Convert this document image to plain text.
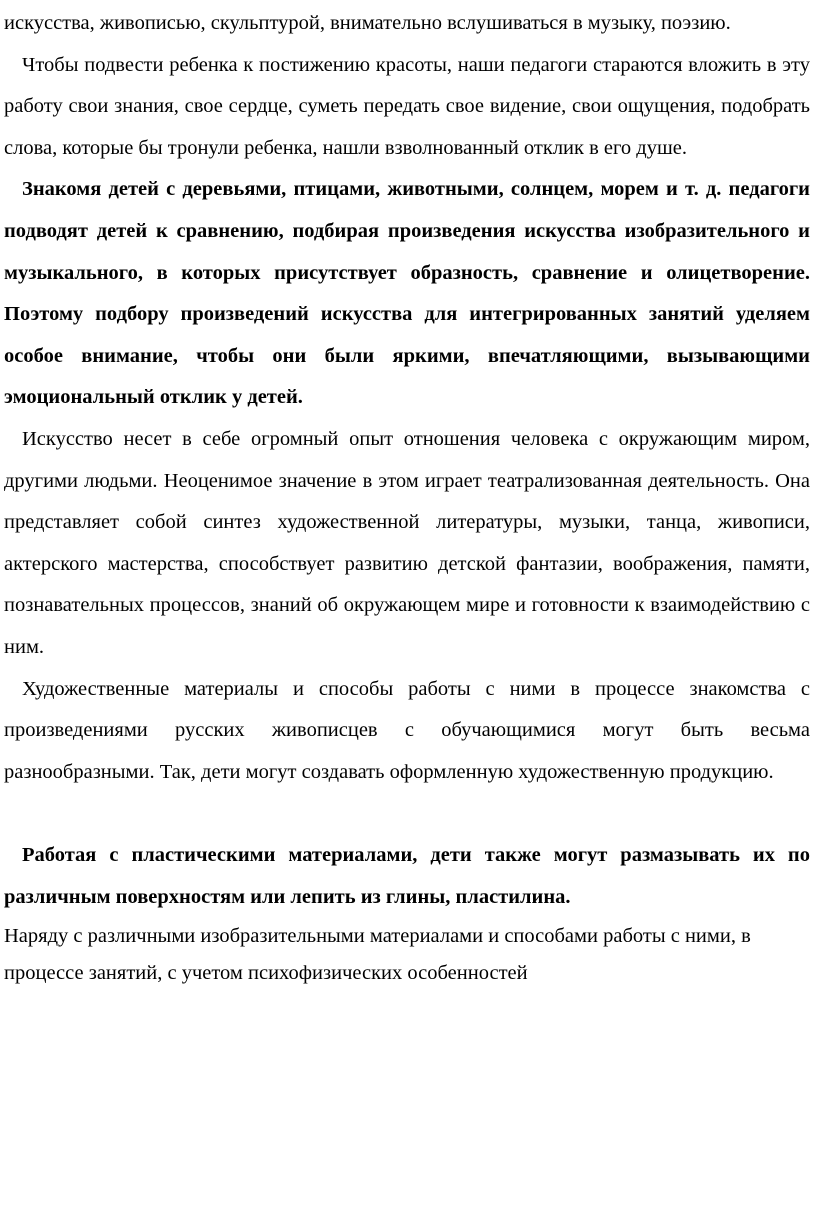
искусства, живописью, скульптурой, внимательно вслушиваться в музыку, поэзию.

Чтобы подвести ребенка к постижению красоты, наши педагоги стараются вложить в эту работу свои знания, свое сердце, суметь передать свое видение, свои ощущения, подобрать слова, которые бы тронули ребенка, нашли взволнованный отклик в его душе.

Знакомя детей с деревьями, птицами, животными, солнцем, морем и т. д. педагоги подводят детей к сравнению, подбирая произведения искусства изобразительного и музыкального, в которых присутствует образность, сравнение и олицетворение. Поэтому подбору произведений искусства для интегрированных занятий уделяем особое внимание, чтобы они были яркими, впечатляющими, вызывающими эмоциональный отклик у детей.

Искусство несет в себе огромный опыт отношения человека с окружающим миром, другими людьми. Неоценимое значение в этом играет театрализованная деятельность. Она представляет собой синтез художественной литературы, музыки, танца, живописи, актерского мастерства, способствует развитию детской фантазии, воображения, памяти, познавательных процессов, знаний об окружающем мире и готовности к взаимодействию с ним.

Художественные материалы и способы работы с ними в процессе знакомства с произведениями русских живописцев с обучающимися могут быть весьма разнообразными. Так, дети могут создавать оформленную художественную продукцию.

Работая с пластическими материалами, дети также могут размазывать их по различным поверхностям или лепить из глины, пластилина.

Наряду с различными изобразительными материалами и способами работы с ними, в процессе занятий, с учетом психофизических особенностей
